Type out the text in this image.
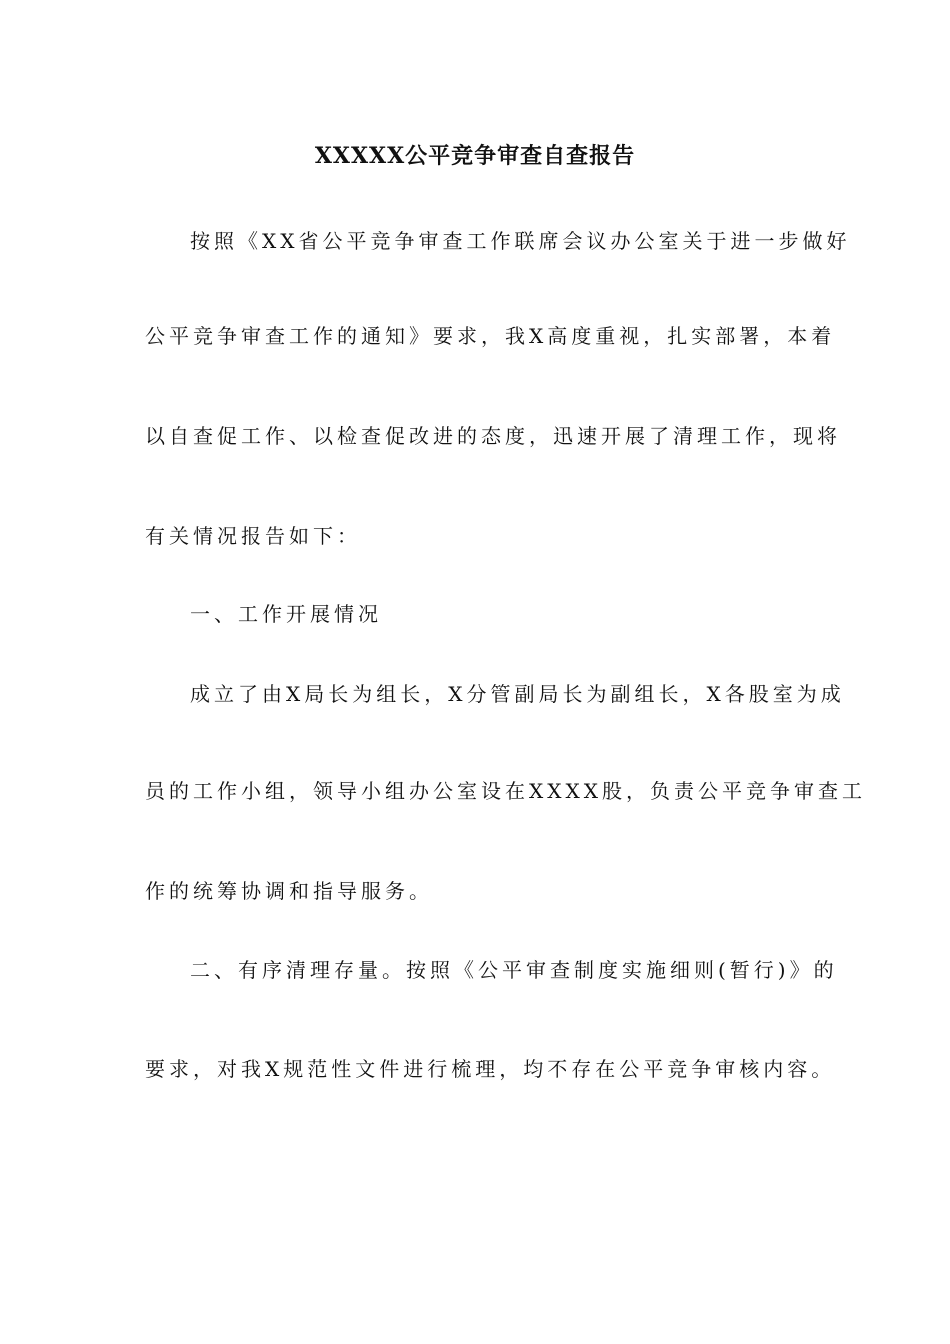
XXXXX公平竞争审查自查报告
按照《XX省公平竞争审查工作联席会议办公室关于进一步做好
公平竞争审查工作的通知》要求，我X高度重视，扎实部署，本着
以自查促工作、以检查促改进的态度，迅速开展了清理工作，现将
有关情况报告如下：
一、工作开展情况
成立了由X局长为组长，X分管副局长为副组长，X各股室为成
员的工作小组，领导小组办公室设在XXXX股，负责公平竞争审查工
作的统筹协调和指导服务。
二、有序清理存量。按照《公平审查制度实施细则(暂行)》的
要求，对我X规范性文件进行梳理，均不存在公平竞争审核内容。
